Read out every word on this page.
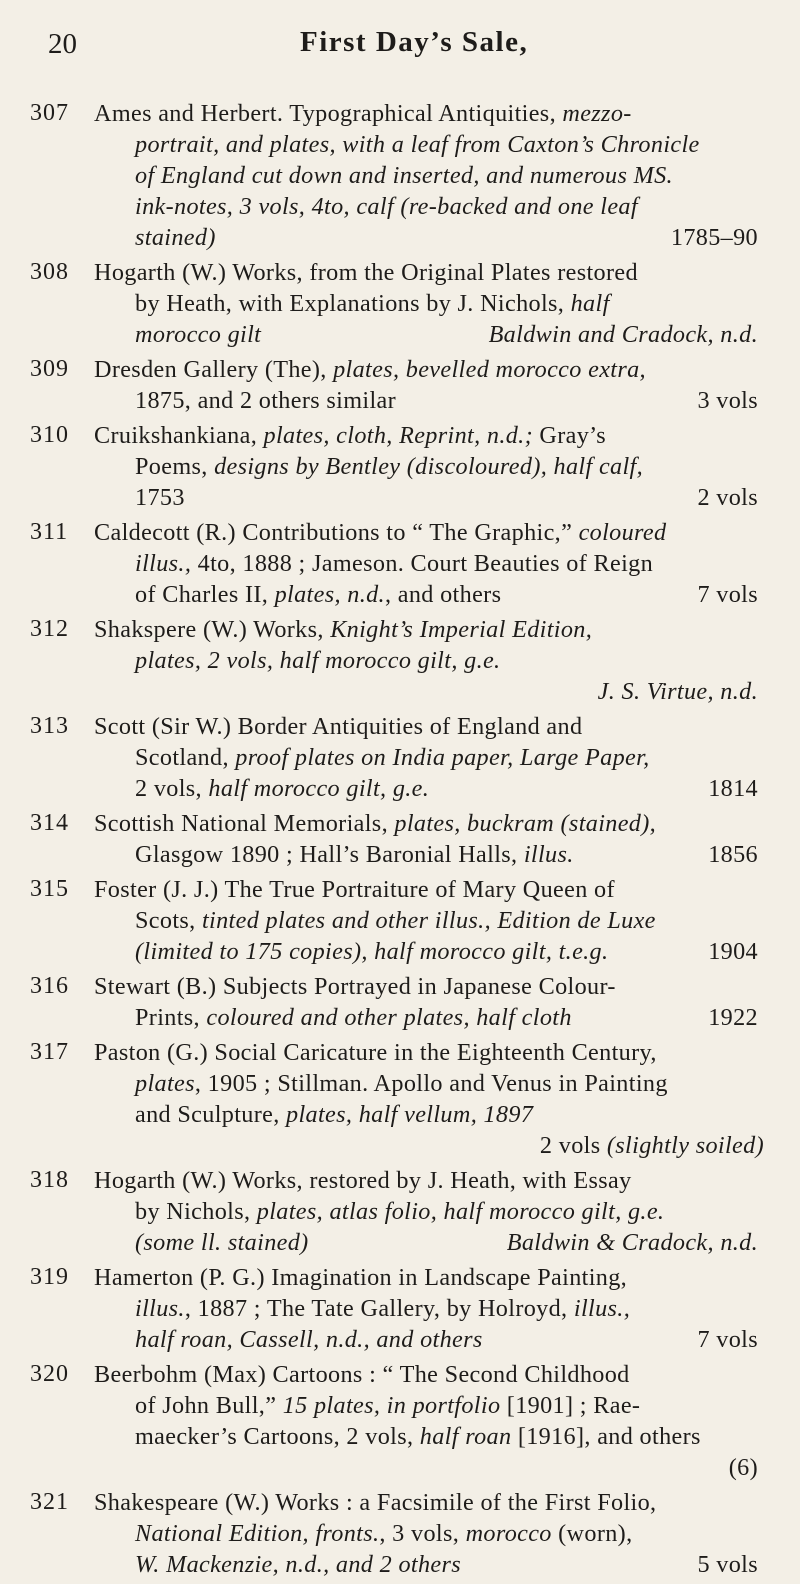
20	First Day’s Sale,
307 Ames and Herbert. Typographical Antiquities, mezzo-
portrait, and plates, with a leaf from Caxton’s Chronicle
of England cut down and inserted, and numerous MS.
ink-notes, 3 vols, 4to, calf (re-backed and one leaf
stained)	1785–90
308 Hogarth (W.) Works, from the Original Plates restored
by Heath, with Explanations by J. Nichols, half
morocco gilt	Baldwin and Cradock, n.d.
309 Dresden Gallery (The), plates, bevelled morocco extra,
1875, and 2 others similar	3 vols
310 Cruikshankiana, plates, cloth, Reprint, n.d.; Gray’s
Poems, designs by Bentley (discoloured), half calf,
1753	2 vols
311 Caldecott (R.) Contributions to “ The Graphic,” coloured
illus., 4to, 1888 ; Jameson. Court Beauties of Reign
of Charles II, plates, n.d., and others	7 vols
312 Shakspere (W.) Works, Knight’s Imperial Edition,
plates, 2 vols, half morocco gilt, g.e.
J. S. Virtue, n.d.

313 Scott (Sir W.) Border Antiquities of England and
Scotland, proof plates on India paper, Large Paper,
2 vols, half morocco gilt, g.e.	1814
314 Scottish National Memorials, plates, buckram (stained),
Glasgow 1890 ; Hall’s Baronial Halls, illus.	1856
315 Foster (J. J.) The True Portraiture of Mary Queen of
Scots, tinted plates and other illus., Edition de Luxe
(limited to 175 copies), half morocco gilt, t.e.g.	1904
316 Stewart (B.) Subjects Portrayed in Japanese Colour-
Prints, coloured and other plates, half cloth	1922
317 Paston (G.) Social Caricature in the Eighteenth Century,
plates, 1905 ; Stillman. Apollo and Venus in Painting
and Sculpture, plates, half vellum, 1897
2 vols (slightly soiled)

318 Hogarth (W.) Works, restored by J. Heath, with Essay
by Nichols, plates, atlas folio, half morocco gilt, g.e.
(some ll. stained)	Baldwin & Cradock, n.d.
319 Hamerton (P. G.) Imagination in Landscape Painting,
illus., 1887 ; The Tate Gallery, by Holroyd, illus.,
half roan, Cassell, n.d., and others	7 vols
320 Beerbohm (Max) Cartoons : “ The Second Childhood
of John Bull,” 15 plates, in portfolio [1901] ; Rae-
maecker’s Cartoons, 2 vols, half roan [1916], and others
(6)

321 Shakespeare (W.) Works : a Facsimile of the First Folio,
National Edition, fronts., 3 vols, morocco (worn),
W. Mackenzie, n.d., and 2 others	5 vols
